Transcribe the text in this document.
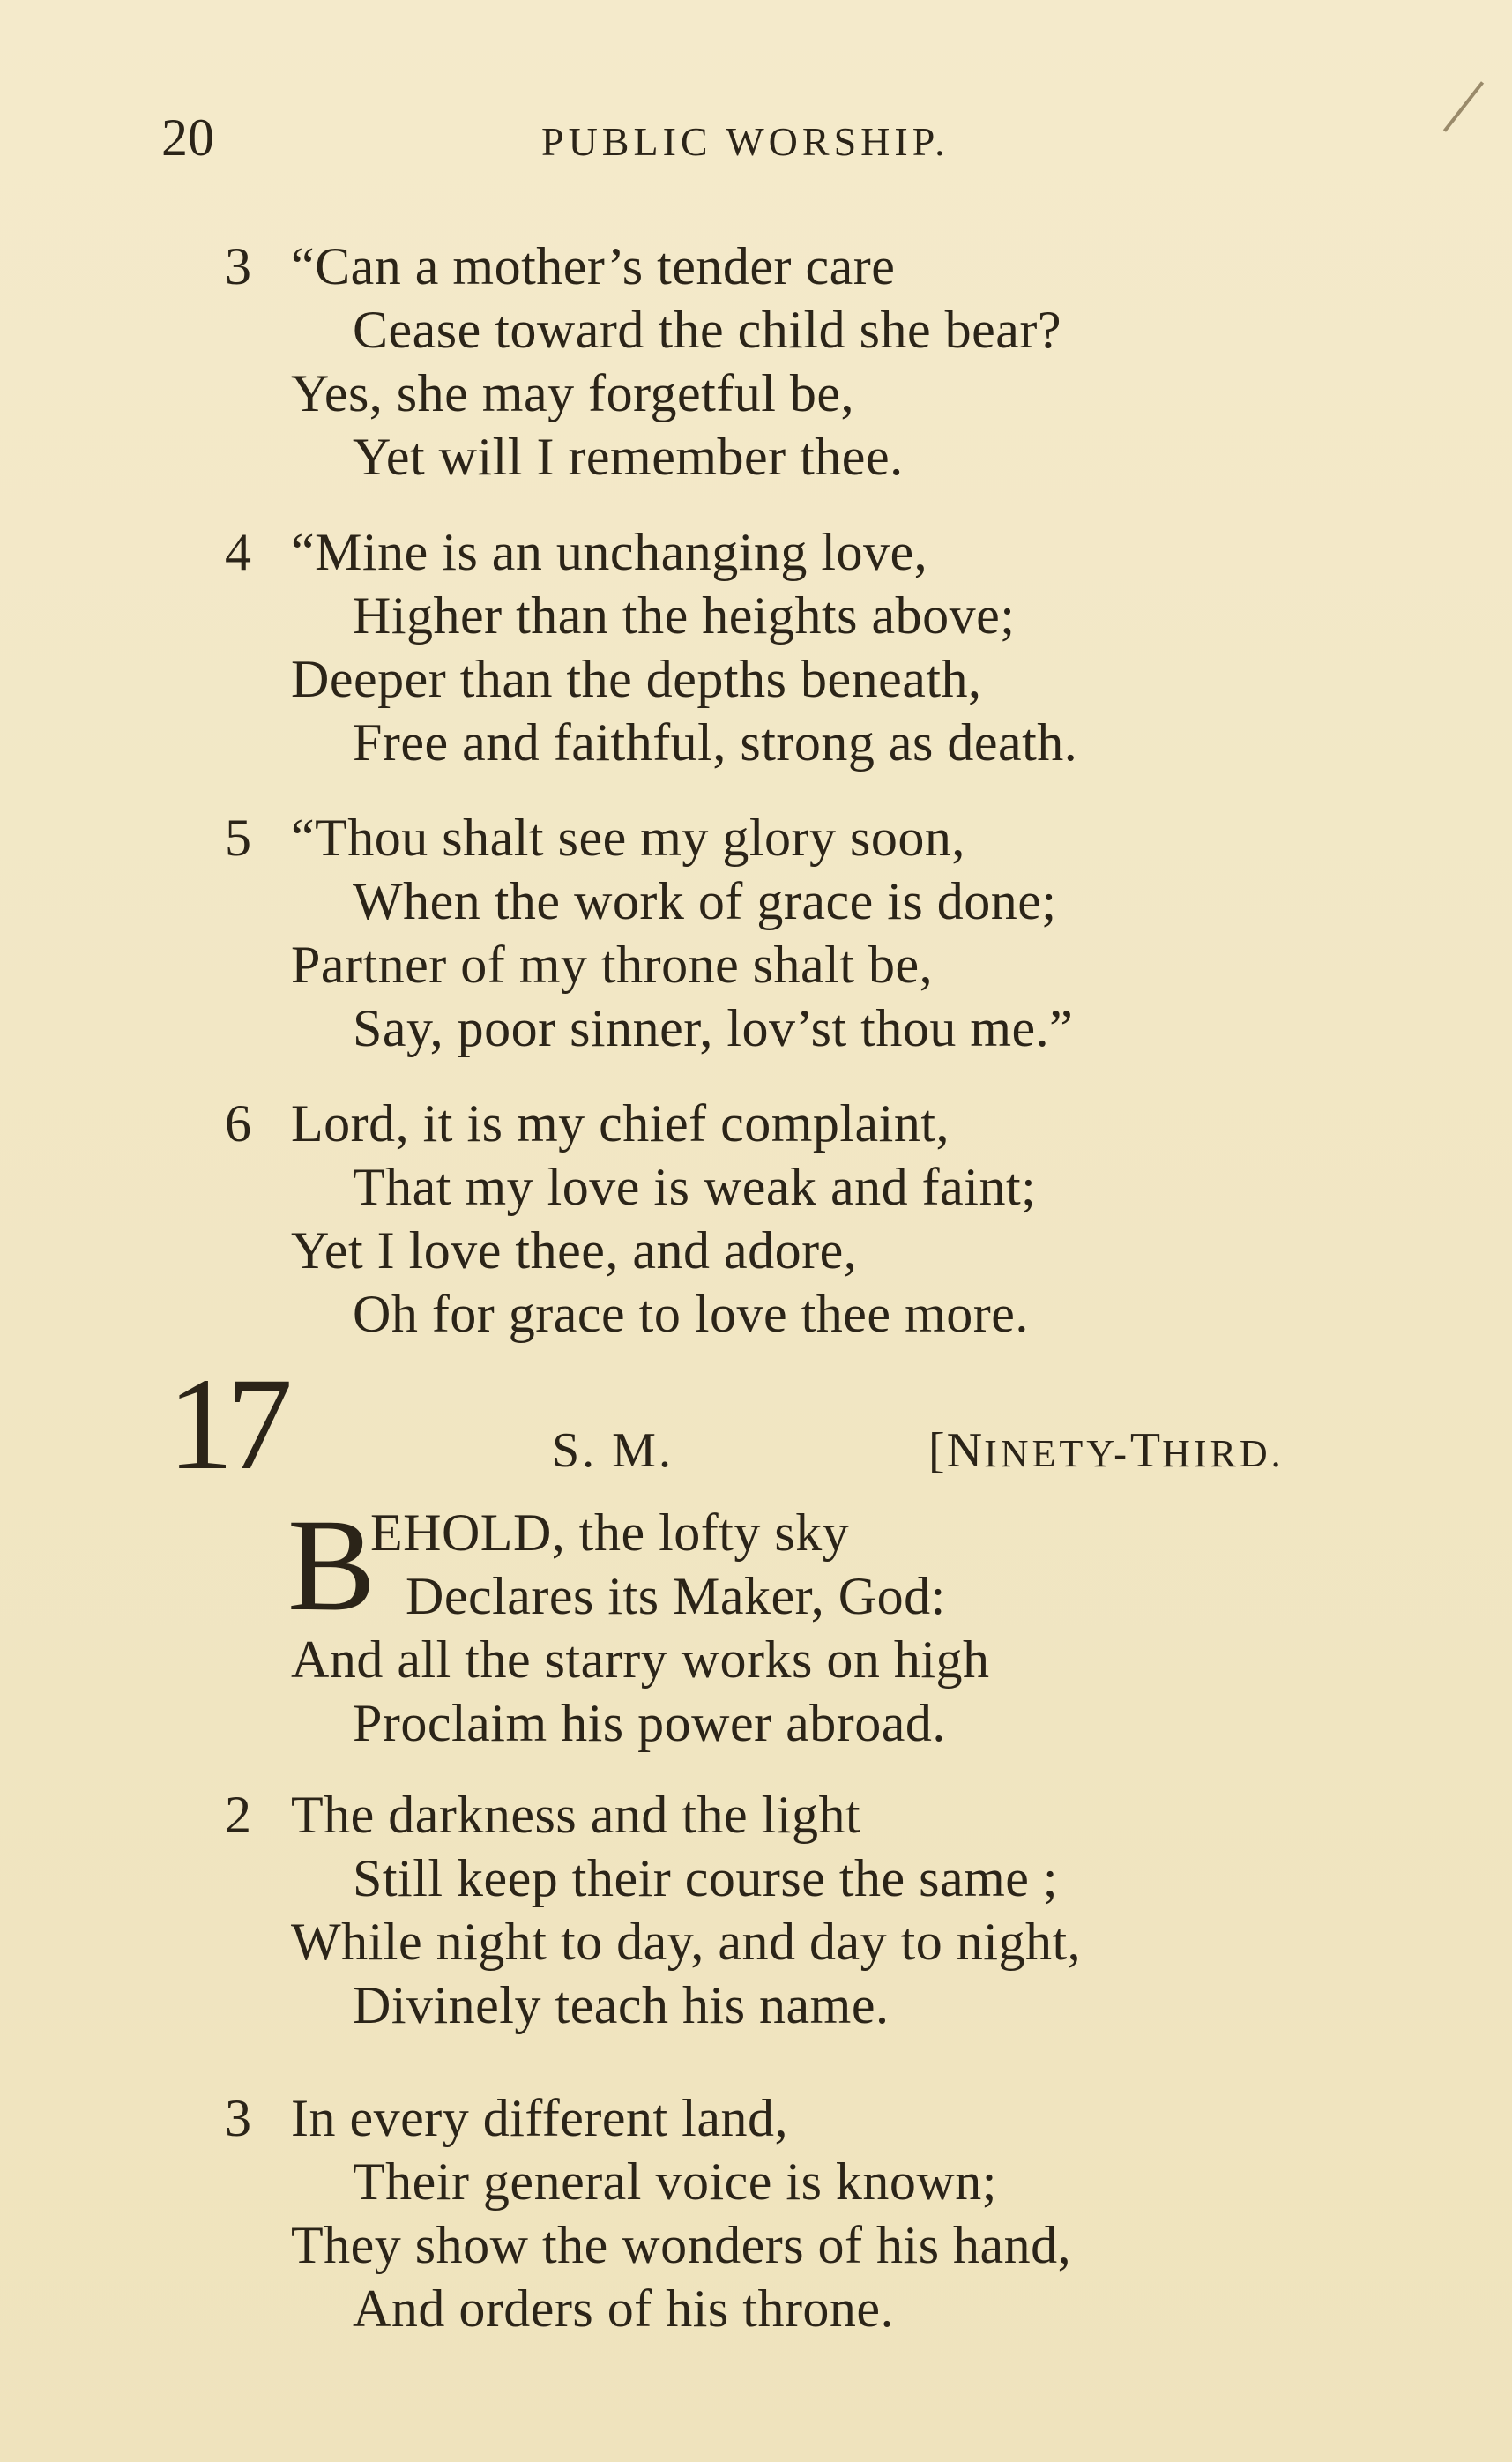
20	PUBLIC WORSHIP.
3 “Can a mother’s tender care
Cease toward the child she bear?
Yes, she may forgetful be,
Yet will I remember thee.
4 “Mine is an unchanging love,
Higher than the heights above;
Deeper than the depths beneath,
Free and faithful, strong as death.
5 “Thou shalt see my glory soon,
When the work of grace is done;
Partner of my throne shalt be,
Say, poor sinner, lov’st thou me.”
6 Lord, it is my chief complaint,
That my love is weak and faint;
Yet I love thee, and adore,
Oh for grace to love thee more.
17	S. M.	[NINETY-THIRD.
B
EHOLD, the lofty sky
Declares its Maker, God:
And all the starry works on high
Proclaim his power abroad.
2 The darkness and the light
Still keep their course the same ;
While night to day, and day to night,
Divinely teach his name.
3 In every different land,
Their general voice is known;
They show the wonders of his hand,
And orders of his throne.
